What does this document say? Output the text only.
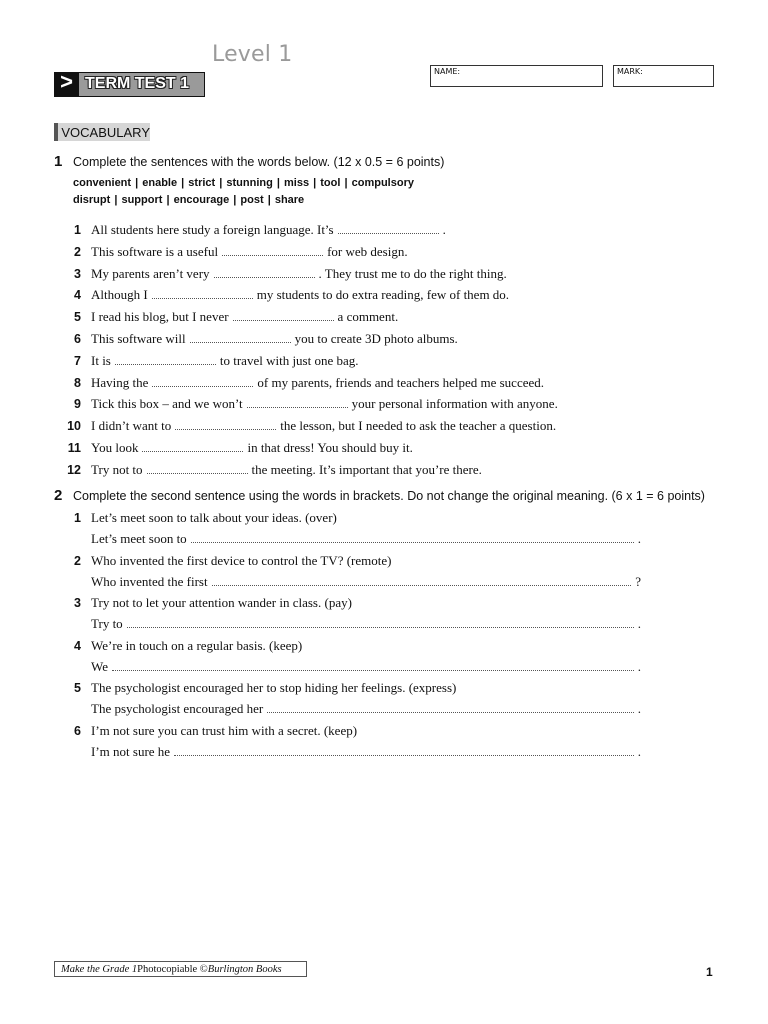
Level 1
> TERM TEST 1
NAME:	MARK:
VOCABULARY
1 Complete the sentences with the words below. (12 x 0.5 = 6 points)
convenient | enable | strict | stunning | miss | tool | compulsory
disrupt | support | encourage | post | share
1 All students here study a foreign language. It’s	.
2 This software is a useful	for web design.
3 My parents aren’t very	. They trust me to do the right thing.
4 Although I	my students to do extra reading, few of them do.
5 I read his blog, but I never	a comment.
6 This software will	you to create 3D photo albums.
7 It is	to travel with just one bag.
8 Having the	of my parents, friends and teachers helped me succeed.
9 Tick this box – and we won’t	your personal information with anyone.
10 I didn’t want to	the lesson, but I needed to ask the teacher a question.
11 You look	in that dress! You should buy it.
12 Try not to	the meeting. It’s important that you’re there.
2 Complete the second sentence using the words in brackets. Do not change the original meaning. (6 x 1 = 6 points)
1 Let’s meet soon to talk about your ideas. (over)
Let’s meet soon to	.
2 Who invented the first device to control the TV? (remote)
Who invented the first	?
3 Try not to let your attention wander in class. (pay)
Try to	.
4 We’re in touch on a regular basis. (keep)
We	.
5 The psychologist encouraged her to stop hiding her feelings. (express)
The psychologist encouraged her	.
6 I’m not sure you can trust him with a secret. (keep)
I’m not sure he	.
Make the Grade 1 Photocopiable © Burlington Books	1
